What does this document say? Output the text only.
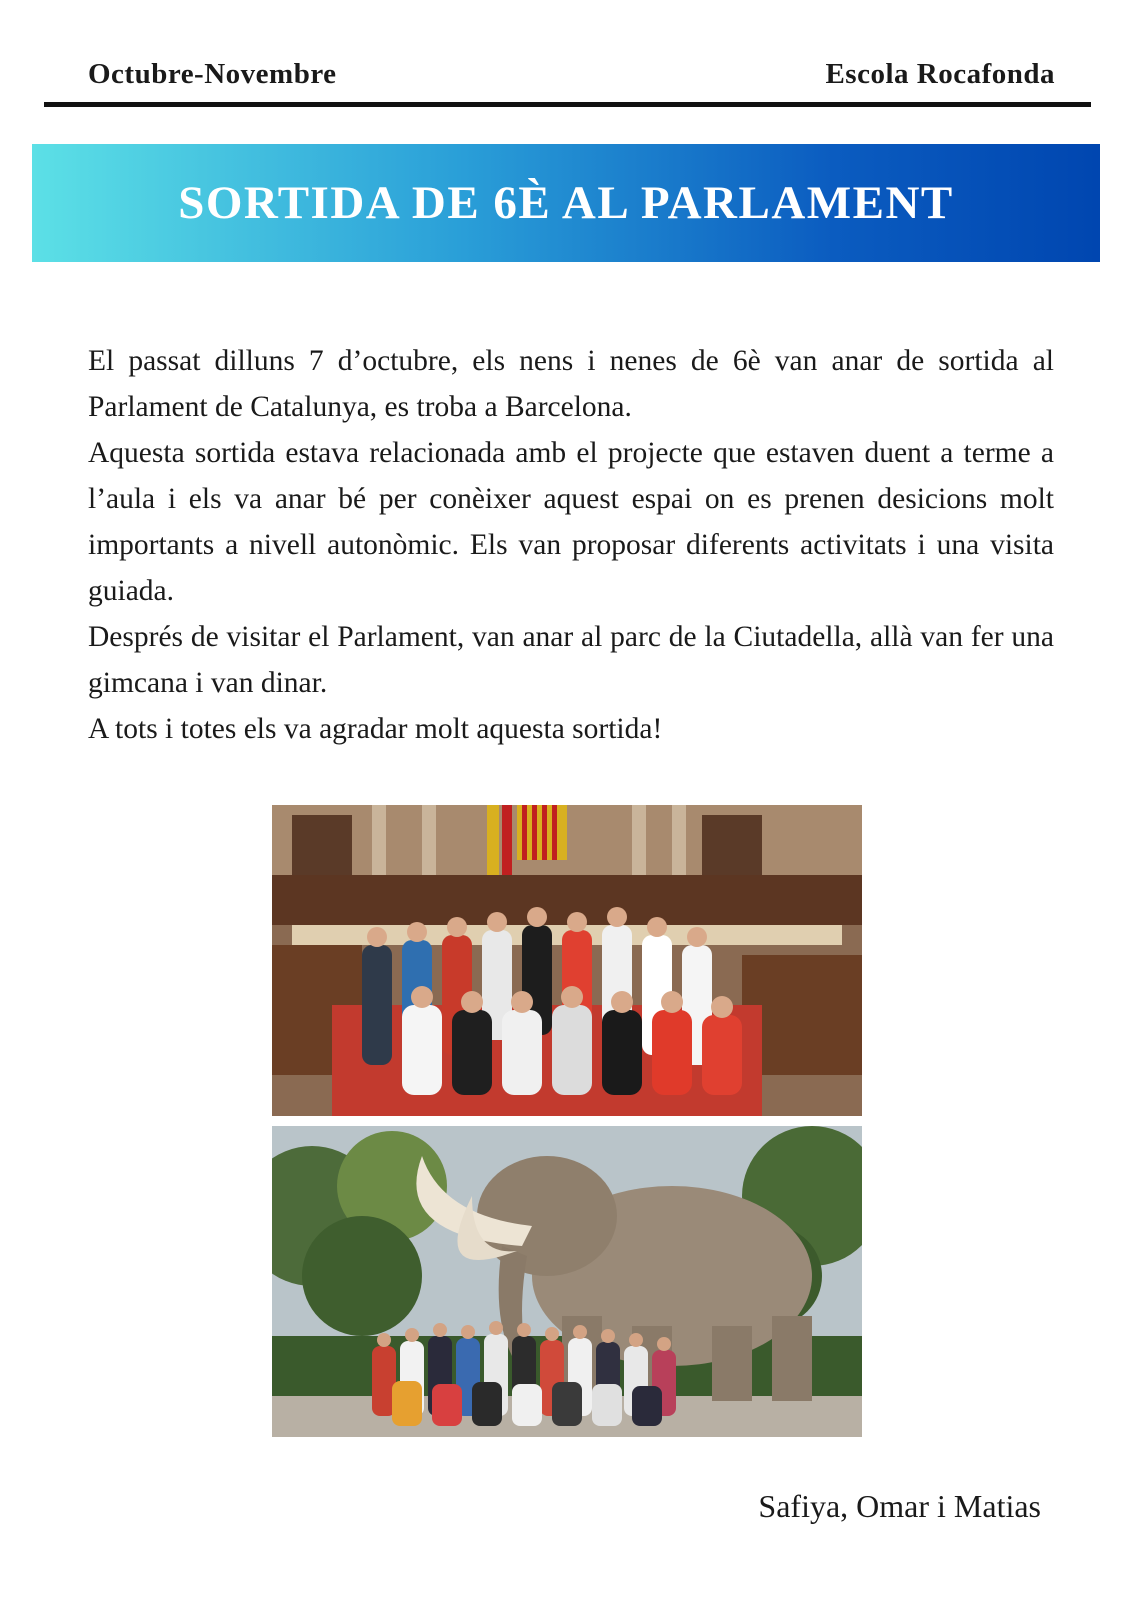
Octubre-Novembre	Escola Rocafonda
SORTIDA DE 6È AL PARLAMENT

El passat dilluns 7 d’octubre, els nens i nenes de 6è van anar de sortida al Parlament de Catalunya, es troba a Barcelona.

Aquesta sortida estava relacionada amb el projecte que estaven duent a terme a l’aula i els va anar bé per conèixer aquest espai on es prenen desicions molt importants a nivell autonòmic. Els van proposar diferents activitats i una visita guiada.

Després de visitar el Parlament, van anar al parc de la Ciutadella, allà van fer una gimcana i van dinar.

A tots i totes els va agradar molt aquesta sortida!

Safiya, Omar i Matias
